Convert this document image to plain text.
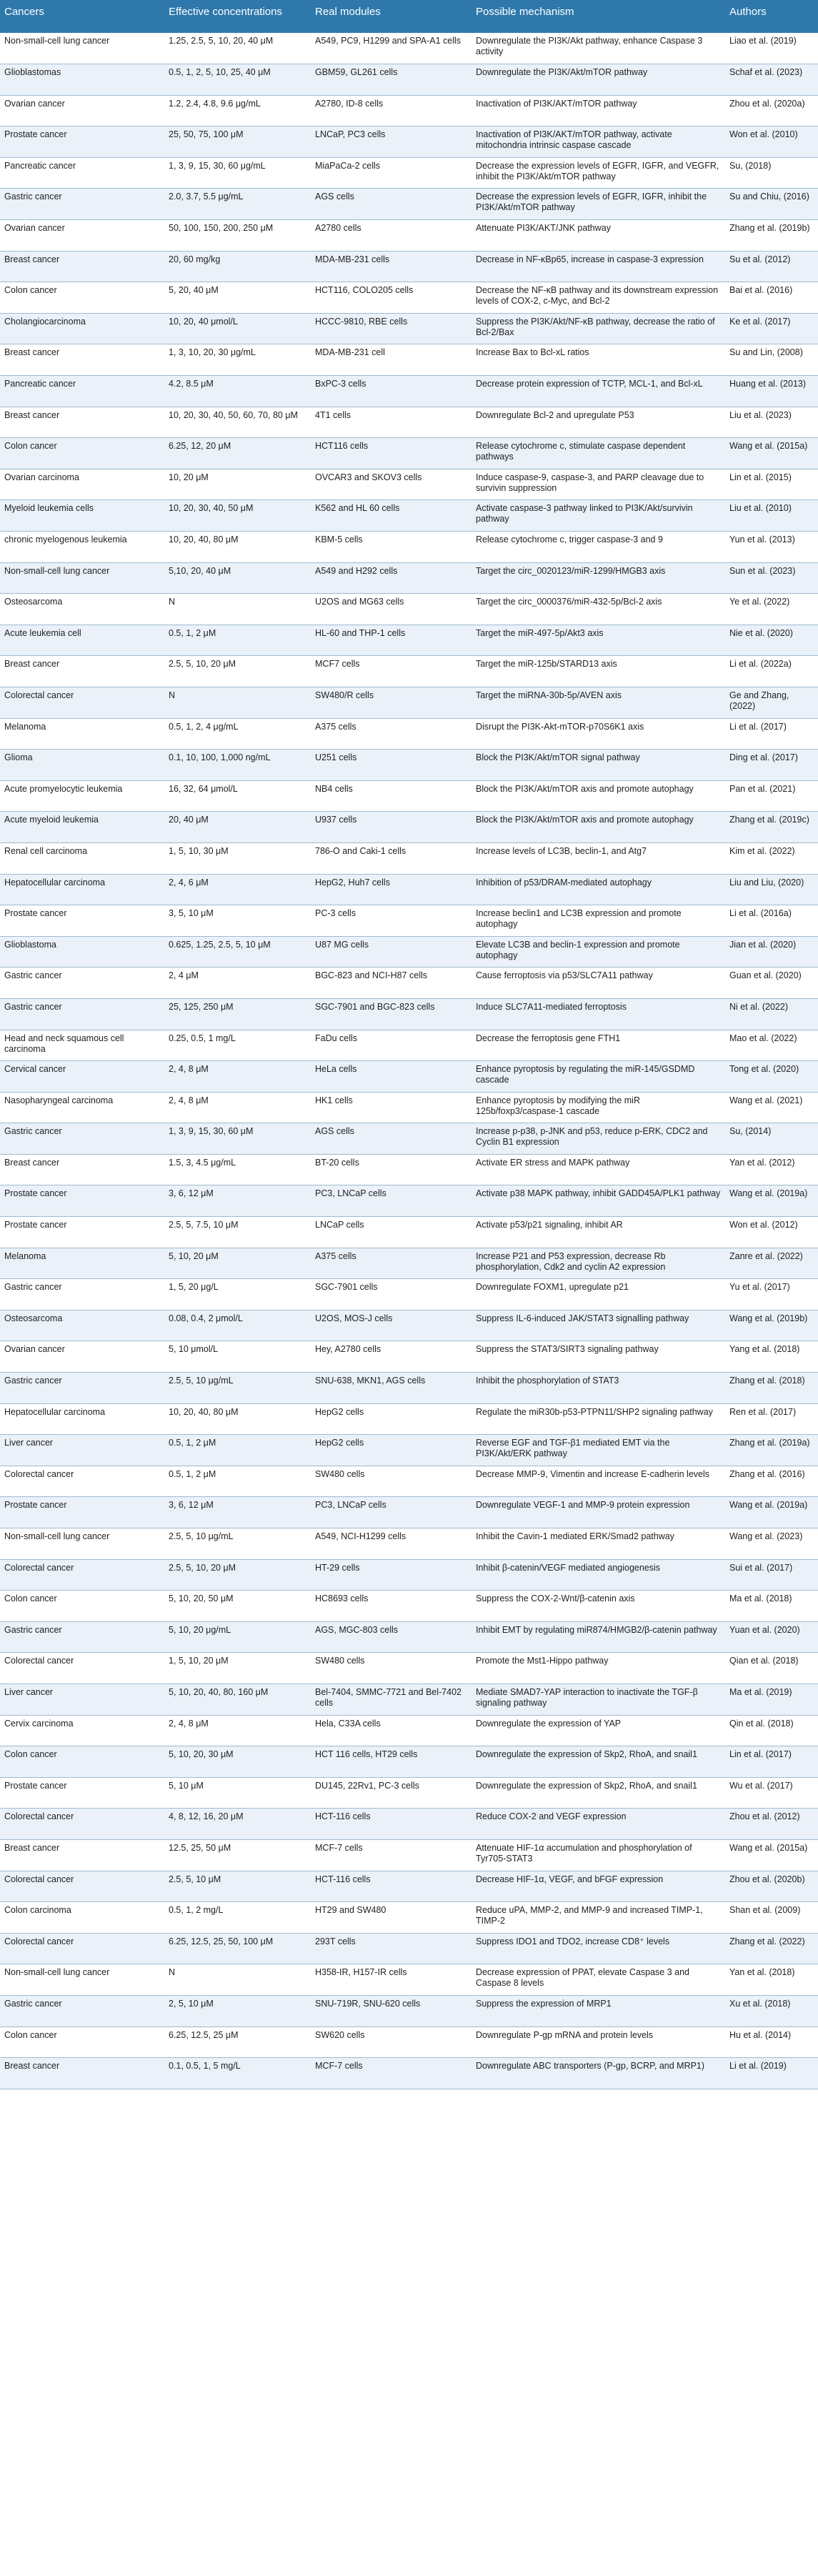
Cancers	Effective concentrations	Real modules	Possible mechanism	Authors
Non-small-cell lung cancer	1.25, 2.5, 5, 10, 20, 40 μM	A549, PC9, H1299 and SPA-A1 cells	Downregulate the PI3K/Akt pathway, enhance Caspase 3 activity	Liao et al. (2019)
Glioblastomas	0.5, 1, 2, 5, 10, 25, 40 μM	GBM59, GL261 cells	Downregulate the PI3K/Akt/mTOR pathway	Schaf et al. (2023)
Ovarian cancer	1.2, 2.4, 4.8, 9.6 μg/mL	A2780, ID-8 cells	Inactivation of PI3K/AKT/mTOR pathway	Zhou et al. (2020a)
Prostate cancer	25, 50, 75, 100 μM	LNCaP, PC3 cells	Inactivation of PI3K/AKT/mTOR pathway, activate mitochondria intrinsic caspase cascade	Won et al. (2010)
Pancreatic cancer	1, 3, 9, 15, 30, 60 μg/mL	MiaPaCa-2 cells	Decrease the expression levels of EGFR, IGFR, and VEGFR, inhibit the PI3K/Akt/mTOR pathway	Su, (2018)
Gastric cancer	2.0, 3.7, 5.5 μg/mL	AGS cells	Decrease the expression levels of EGFR, IGFR, inhibit the PI3K/Akt/mTOR pathway	Su and Chiu, (2016)
Ovarian cancer	50, 100, 150, 200, 250 μM	A2780 cells	Attenuate PI3K/AKT/JNK pathway	Zhang et al. (2019b)
Breast cancer	20, 60 mg/kg	MDA-MB-231 cells	Decrease in NF-κBp65, increase in caspase-3 expression	Su et al. (2012)
Colon cancer	5, 20, 40 μM	HCT116, COLO205 cells	Decrease the NF-κB pathway and its downstream expression levels of COX-2, c-Myc, and Bcl-2	Bai et al. (2016)
Cholangiocarcinoma	10, 20, 40 μmol/L	HCCC-9810, RBE cells	Suppress the PI3K/Akt/NF-κB pathway, decrease the ratio of Bcl-2/Bax	Ke et al. (2017)
Breast cancer	1, 3, 10, 20, 30 μg/mL	MDA-MB-231 cell	Increase Bax to Bcl-xL ratios	Su and Lin, (2008)
Pancreatic cancer	4.2, 8.5 μM	BxPC-3 cells	Decrease protein expression of TCTP, MCL-1, and Bcl-xL	Huang et al. (2013)
Breast cancer	10, 20, 30, 40, 50, 60, 70, 80 μM	4T1 cells	Downregulate Bcl-2 and upregulate P53	Liu et al. (2023)
Colon cancer	6.25, 12, 20 μM	HCT116 cells	Release cytochrome c, stimulate caspase dependent pathways	Wang et al. (2015a)
Ovarian carcinoma	10, 20 μM	OVCAR3 and SKOV3 cells	Induce caspase-9, caspase-3, and PARP cleavage due to survivin suppression	Lin et al. (2015)
Myeloid leukemia cells	10, 20, 30, 40, 50 μM	K562 and HL 60 cells	Activate caspase-3 pathway linked to PI3K/Akt/survivin pathway	Liu et al. (2010)
chronic myelogenous leukemia	10, 20, 40, 80 μM	KBM-5 cells	Release cytochrome c, trigger caspase-3 and 9	Yun et al. (2013)
Non-small-cell lung cancer	5,10, 20, 40 μM	A549 and H292 cells	Target the circ_0020123/miR-1299/HMGB3 axis	Sun et al. (2023)
Osteosarcoma	N	U2OS and MG63 cells	Target the circ_0000376/miR-432-5p/Bcl-2 axis	Ye et al. (2022)
Acute leukemia cell	0.5, 1, 2 μM	HL-60 and THP-1 cells	Target the miR-497-5p/Akt3 axis	Nie et al. (2020)
Breast cancer	2.5, 5, 10, 20 μM	MCF7 cells	Target the miR-125b/STARD13 axis	Li et al. (2022a)
Colorectal cancer	N	SW480/R cells	Target the miRNA-30b-5p/AVEN axis	Ge and Zhang, (2022)
Melanoma	0.5, 1, 2, 4 μg/mL	A375 cells	Disrupt the PI3K-Akt-mTOR-p70S6K1 axis	Li et al. (2017)
Glioma	0.1, 10, 100, 1,000 ng/mL	U251 cells	Block the PI3K/Akt/mTOR signal pathway	Ding et al. (2017)
Acute promyelocytic leukemia	16, 32, 64 μmol/L	NB4 cells	Block the PI3K/Akt/mTOR axis and promote autophagy	Pan et al. (2021)
Acute myeloid leukemia	20, 40 μM	U937 cells	Block the PI3K/Akt/mTOR axis and promote autophagy	Zhang et al. (2019c)
Renal cell carcinoma	1, 5, 10, 30 μM	786-O and Caki-1 cells	Increase levels of LC3B, beclin-1, and Atg7	Kim et al. (2022)
Hepatocellular carcinoma	2, 4, 6 μM	HepG2, Huh7 cells	Inhibition of p53/DRAM-mediated autophagy	Liu and Liu, (2020)
Prostate cancer	3, 5, 10 μM	PC-3 cells	Increase beclin1 and LC3B expression and promote autophagy	Li et al. (2016a)
Glioblastoma	0.625, 1.25, 2.5, 5, 10 μM	U87 MG cells	Elevate LC3B and beclin-1 expression and promote autophagy	Jian et al. (2020)
Gastric cancer	2, 4 μM	BGC-823 and NCI-H87 cells	Cause ferroptosis via p53/SLC7A11 pathway	Guan et al. (2020)
Gastric cancer	25, 125, 250 μM	SGC-7901 and BGC-823 cells	Induce SLC7A11-mediated ferroptosis	Ni et al. (2022)
Head and neck squamous cell carcinoma	0.25, 0.5, 1 mg/L	FaDu cells	Decrease the ferroptosis gene FTH1	Mao et al. (2022)
Cervical cancer	2, 4, 8 μM	HeLa cells	Enhance pyroptosis by regulating the miR-145/GSDMD cascade	Tong et al. (2020)
Nasopharyngeal carcinoma	2, 4, 8 μM	HK1 cells	Enhance pyroptosis by modifying the miR 125b/foxp3/caspase-1 cascade	Wang et al. (2021)
Gastric cancer	1, 3, 9, 15, 30, 60 μM	AGS cells	Increase p-p38, p-JNK and p53, reduce p-ERK, CDC2 and Cyclin B1 expression	Su, (2014)
Breast cancer	1.5, 3, 4.5 μg/mL	BT-20 cells	Activate ER stress and MAPK pathway	Yan et al. (2012)
Prostate cancer	3, 6, 12 μM	PC3, LNCaP cells	Activate p38 MAPK pathway, inhibit GADD45A/PLK1 pathway	Wang et al. (2019a)
Prostate cancer	2.5, 5, 7.5, 10 μM	LNCaP cells	Activate p53/p21 signaling, inhibit AR	Won et al. (2012)
Melanoma	5, 10, 20 μM	A375 cells	Increase P21 and P53 expression, decrease Rb phosphorylation, Cdk2 and cyclin A2 expression	Zanre et al. (2022)
Gastric cancer	1, 5, 20 μg/L	SGC-7901 cells	Downregulate FOXM1, upregulate p21	Yu et al. (2017)
Osteosarcoma	0.08, 0.4, 2 μmol/L	U2OS, MOS-J cells	Suppress IL-6-induced JAK/STAT3 signalling pathway	Wang et al. (2019b)
Ovarian cancer	5, 10 μmol/L	Hey, A2780 cells	Suppress the STAT3/SIRT3 signaling pathway	Yang et al. (2018)
Gastric cancer	2.5, 5, 10 μg/mL	SNU-638, MKN1, AGS cells	Inhibit the phosphorylation of STAT3	Zhang et al. (2018)
Hepatocellular carcinoma	10, 20, 40, 80 μM	HepG2 cells	Regulate the miR30b-p53-PTPN11/SHP2 signaling pathway	Ren et al. (2017)
Liver cancer	0.5, 1, 2 μM	HepG2 cells	Reverse EGF and TGF-β1 mediated EMT via the PI3K/Akt/ERK pathway	Zhang et al. (2019a)
Colorectal cancer	0.5, 1, 2 μM	SW480 cells	Decrease MMP-9, Vimentin and increase E-cadherin levels	Zhang et al. (2016)
Prostate cancer	3, 6, 12 μM	PC3, LNCaP cells	Downregulate VEGF-1 and MMP-9 protein expression	Wang et al. (2019a)
Non-small-cell lung cancer	2.5, 5, 10 μg/mL	A549, NCI-H1299 cells	Inhibit the Cavin-1 mediated ERK/Smad2 pathway	Wang et al. (2023)
Colorectal cancer	2.5, 5, 10, 20 μM	HT-29 cells	Inhibit β-catenin/VEGF mediated angiogenesis	Sui et al. (2017)
Colon cancer	5, 10, 20, 50 μM	HC8693 cells	Suppress the COX-2-Wnt/β-catenin axis	Ma et al. (2018)
Gastric cancer	5, 10, 20 μg/mL	AGS, MGC-803 cells	Inhibit EMT by regulating miR874/HMGB2/β-catenin pathway	Yuan et al. (2020)
Colorectal cancer	1, 5, 10, 20 μM	SW480 cells	Promote the Mst1-Hippo pathway	Qian et al. (2018)
Liver cancer	5, 10, 20, 40, 80, 160 μM	Bel-7404, SMMC-7721 and Bel-7402 cells	Mediate SMAD7-YAP interaction to inactivate the TGF-β signaling pathway	Ma et al. (2019)
Cervix carcinoma	2, 4, 8 μM	Hela, C33A cells	Downregulate the expression of YAP	Qin et al. (2018)
Colon cancer	5, 10, 20, 30 μM	HCT 116 cells, HT29 cells	Downregulate the expression of Skp2, RhoA, and snail1	Lin et al. (2017)
Prostate cancer	5, 10 μM	DU145, 22Rv1, PC-3 cells	Downregulate the expression of Skp2, RhoA, and snail1	Wu et al. (2017)
Colorectal cancer	4, 8, 12, 16, 20 μM	HCT-116 cells	Reduce COX-2 and VEGF expression	Zhou et al. (2012)
Breast cancer	12.5, 25, 50 μM	MCF-7 cells	Attenuate HIF-1α accumulation and phosphorylation of Tyr705-STAT3	Wang et al. (2015a)
Colorectal cancer	2.5, 5, 10 μM	HCT-116 cells	Decrease HIF-1α, VEGF, and bFGF expression	Zhou et al. (2020b)
Colon carcinoma	0.5, 1, 2 mg/L	HT29 and SW480	Reduce uPA, MMP-2, and MMP-9 and increased TIMP-1, TIMP-2	Shan et al. (2009)
Colorectal cancer	6.25, 12.5, 25, 50, 100 μM	293T cells	Suppress IDO1 and TDO2, increase CD8⁺ levels	Zhang et al. (2022)
Non-small-cell lung cancer	N	H358-IR, H157-IR cells	Decrease expression of PPAT, elevate Caspase 3 and Caspase 8 levels	Yan et al. (2018)
Gastric cancer	2, 5, 10 μM	SNU-719R, SNU-620 cells	Suppress the expression of MRP1	Xu et al. (2018)
Colon cancer	6.25, 12.5, 25 μM	SW620 cells	Downregulate P-gp mRNA and protein levels	Hu et al. (2014)
Breast cancer	0.1, 0.5, 1, 5 mg/L	MCF-7 cells	Downregulate ABC transporters (P-gp, BCRP, and MRP1)	Li et al. (2019)
